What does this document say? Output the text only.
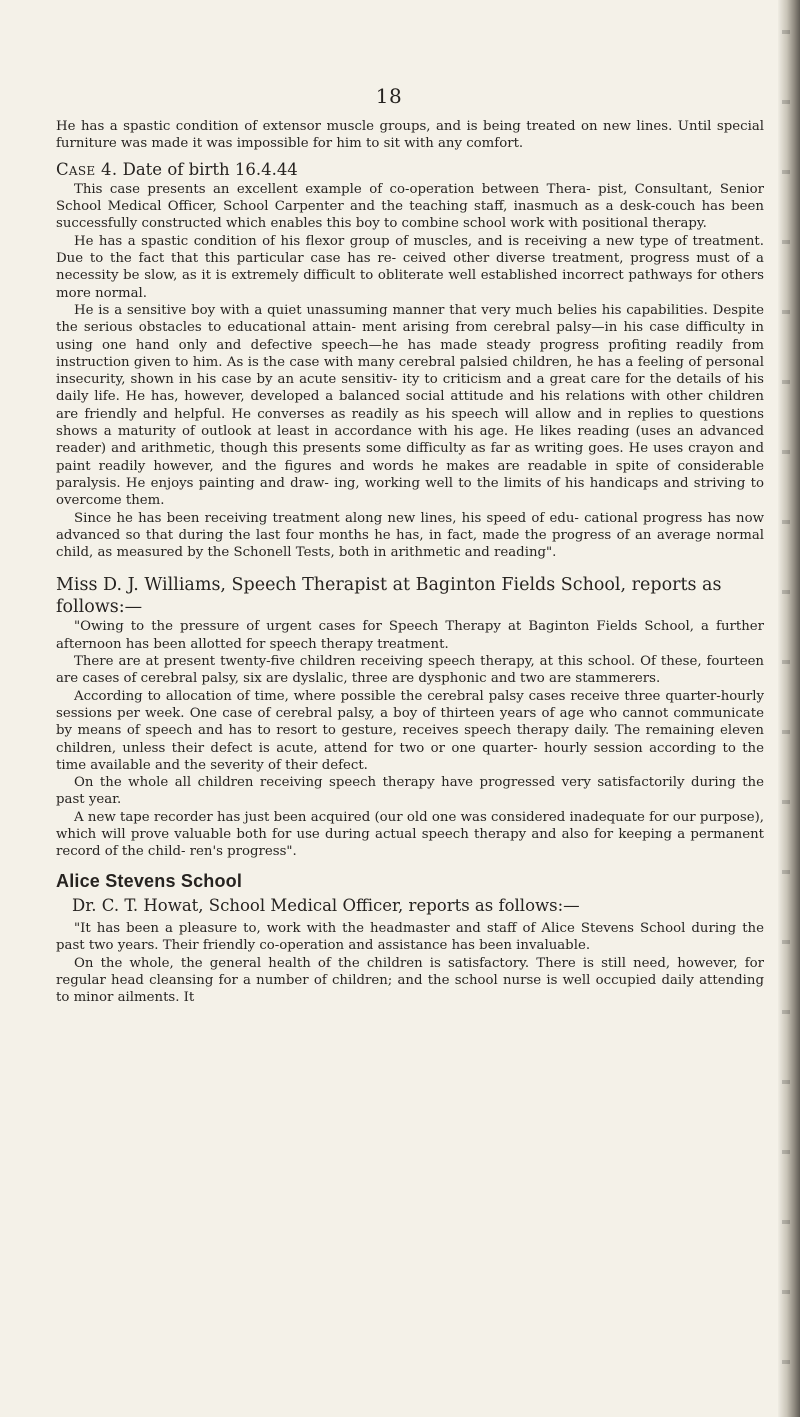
18

He has a spastic condition of extensor muscle groups, and is being treated on new lines. Until special furniture was made it was impossible for him to sit with any comfort.

Case 4. Date of birth 16.4.44

This case presents an excellent example of co-operation between Thera- pist, Consultant, Senior School Medical Officer, School Carpenter and the teaching staff, inasmuch as a desk-couch has been successfully constructed which enables this boy to combine school work with positional therapy.

He has a spastic condition of his flexor group of muscles, and is receiving a new type of treatment. Due to the fact that this particular case has re- ceived other diverse treatment, progress must of a necessity be slow, as it is extremely difficult to obliterate well established incorrect pathways for others more normal.

He is a sensitive boy with a quiet unassuming manner that very much belies his capabilities. Despite the serious obstacles to educational attain- ment arising from cerebral palsy—in his case difficulty in using one hand only and defective speech—he has made steady progress profiting readily from instruction given to him. As is the case with many cerebral palsied children, he has a feeling of personal insecurity, shown in his case by an acute sensitiv- ity to criticism and a great care for the details of his daily life. He has, however, developed a balanced social attitude and his relations with other children are friendly and helpful. He converses as readily as his speech will allow and in replies to questions shows a maturity of outlook at least in accordance with his age. He likes reading (uses an advanced reader) and arithmetic, though this presents some difficulty as far as writing goes. He uses crayon and paint readily however, and the figures and words he makes are readable in spite of considerable paralysis. He enjoys painting and draw- ing, working well to the limits of his handicaps and striving to overcome them.

Since he has been receiving treatment along new lines, his speed of edu- cational progress has now advanced so that during the last four months he has, in fact, made the progress of an average normal child, as measured by the Schonell Tests, both in arithmetic and reading".

Miss D. J. Williams, Speech Therapist at Baginton Fields School, reports as follows:—

"Owing to the pressure of urgent cases for Speech Therapy at Baginton Fields School, a further afternoon has been allotted for speech therapy treatment.

There are at present twenty-five children receiving speech therapy, at this school. Of these, fourteen are cases of cerebral palsy, six are dyslalic, three are dysphonic and two are stammerers.

According to allocation of time, where possible the cerebral palsy cases receive three quarter-hourly sessions per week. One case of cerebral palsy, a boy of thirteen years of age who cannot communicate by means of speech and has to resort to gesture, receives speech therapy daily. The remaining eleven children, unless their defect is acute, attend for two or one quarter- hourly session according to the time available and the severity of their defect.

On the whole all children receiving speech therapy have progressed very satisfactorily during the past year.

A new tape recorder has just been acquired (our old one was considered inadequate for our purpose), which will prove valuable both for use during actual speech therapy and also for keeping a permanent record of the child- ren's progress".

Alice Stevens School
Dr. C. T. Howat, School Medical Officer, reports as follows:—

"It has been a pleasure to, work with the headmaster and staff of Alice Stevens School during the past two years. Their friendly co-operation and assistance has been invaluable.

On the whole, the general health of the children is satisfactory. There is still need, however, for regular head cleansing for a number of children; and the school nurse is well occupied daily attending to minor ailments. It
